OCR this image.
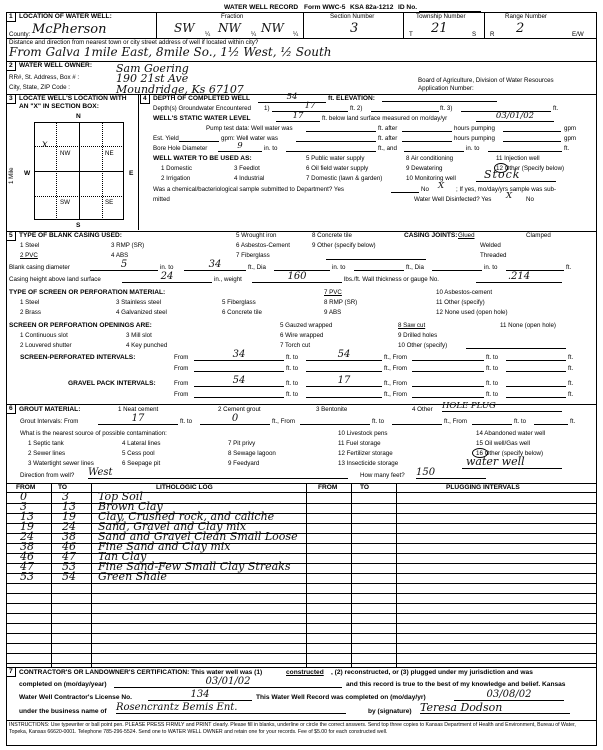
WATER WELL RECORD Form WWC-5 KSA 82a-1212 ID No.
1 LOCATION OF WATER WELL:
County: McPherson
Fraction
SW ¼ NW ¼ NW ¼
Section Number
3
Township Number
T 21	S
Range Number
R 2	E/W
Distance and direction from nearest town or city street address of well if located within city?
From Galva 1mile East, 8mile So., 1½ West, ½ South
2 WATER WELL OWNER:
RR#, St. Address, Box # :
City, State, ZIP Code :
Sam Goering
190 21st Ave
Moundridge, Ks 67107
Board of Agriculture, Division of Water Resources
Application Number:
3 LOCATE WELL'S LOCATION WITH
AN "X" IN SECTION BOX:
N
S
W	E
1 Mile
NW	NE
SW	SE
x
4 DEPTH OF COMPLETED WELL	54	ft. ELEVATION:
Depth(s) Groundwater Encountered 1)	17	ft. 2)	ft. 3)	ft.
WELL'S STATIC WATER LEVEL	17	ft. below land surface measured on mo/day/yr	03/01/02
Pump test data: Well water was	ft. after	hours pumping	gpm
Est. Yield	gpm: Well water was	ft. after	hours pumping	gpm
Bore Hole Diameter	9	in. to	ft., and	in. to	ft.
WELL WATER TO BE USED AS:	5 Public water supply	8 Air conditioning	11 Injection well
1 Domestic	3 Feedlot	6 Oil field water supply	9 Dewatering	12 Other (Specify below)
2 Irrigation	4 Industrial	7 Domestic (lawn & garden)	10 Monitoring well	Stock
Was a chemical/bacteriological sample submitted to Department? Yes	No X ; If yes, mo/day/yrs sample was sub-
mitted	Water Well Disinfected? Yes X No
5 TYPE OF BLANK CASING USED:	5 Wrought iron	8 Concrete tile	CASING JOINTS: Glued	Clamped
1 Steel	3 RMP (SR)	6 Asbestos-Cement	9 Other (specify below)	Welded
2 PVC	4 ABS	7 Fiberglass	Threaded
Blank casing diameter	5	in. to	34	ft., Dia	in. to	ft., Dia	in. to	ft.
Casing height above land surface	24	in., weight	160	lbs./ft. Wall thickness or gauge No.	.214
TYPE OF SCREEN OR PERFORATION MATERIAL:	7 PVC	10 Asbestos-cement
1 Steel	3 Stainless steel	5 Fiberglass	8 RMP (SR)	11 Other (specify)
2 Brass	4 Galvanized steel	6 Concrete tile	9 ABS	12 None used (open hole)
SCREEN OR PERFORATION OPENINGS ARE:	5 Gauzed wrapped	8 Saw cut	11 None (open hole)
1 Continuous slot	3 Mill slot	6 Wire wrapped	9 Drilled holes
2 Louvered shutter	4 Key punched	7 Torch cut	10 Other (specify)
SCREEN-PERFORATED INTERVALS:	From	34	ft. to	54	ft., From	ft. to	ft.
From	ft. to	ft., From	ft. to	ft.
GRAVEL PACK INTERVALS:	From	54	ft. to	17	ft., From	ft. to	ft.
From	ft. to	ft., From	ft. to	ft.
6 GROUT MATERIAL:	1 Neat cement	2 Cement grout	3 Bentonite	4 Other HOLE PLUG
Grout Intervals: From	17	ft. to	0	ft., From	ft. to	ft., From	ft. to	ft.
What is the nearest source of possible contamination:	10 Livestock pens	14 Abandoned water well
1 Septic tank	4 Lateral lines	7 Pit privy	11 Fuel storage	15 Oil well/Gas well
2 Sewer lines	5 Cess pool	8 Sewage lagoon	12 Fertilizer storage	16 Other (specify below)
3 Watertight sewer lines	6 Seepage pit	9 Feedyard	13 Insecticide storage	water well
Direction from well? West	How many feet? 150
FROM	TO	LITHOLOGIC LOG	FROM	TO	PLUGGING INTERVALS
0	3	Top Soil
3	13 Brown Clay
13	19 Clay, Crushed rock, and caliche
19	24 Sand, Gravel and Clay mix
24	38 Sand and Gravel Clean Small Loose
38	46 Fine Sand and Clay mix
46	47 Tan Clay
47	53 Fine Sand-Few Small Clay Streaks
53	54 Green Shale
7 CONTRACTOR'S OR LANDOWNER'S CERTIFICATION: This water well was (1)	constructed , (2) reconstructed, or (3) plugged under my jurisdiction and was
completed on (mo/day/year)	03/01/02	and this record is true to the best of my knowledge and belief. Kansas
Water Well Contractor's License No.	134	This Water Well Record was completed on (mo/day/yr)	03/08/02
under the business name of Rosencrantz Bemis Ent.	by (signature) Teresa Dodson
INSTRUCTIONS: Use typewriter or ball point pen. PLEASE PRESS FIRMLY and PRINT clearly. Please fill in blanks, underline or circle the correct answers. Send top three copies to Kansas Department of Health and Environment, Bureau of Water, Topeka, Kansas 66620-0001. Telephone 785-296-5524. Send one to WATER WELL OWNER and retain one for your records. Fee of $5.00 for each constructed well.
